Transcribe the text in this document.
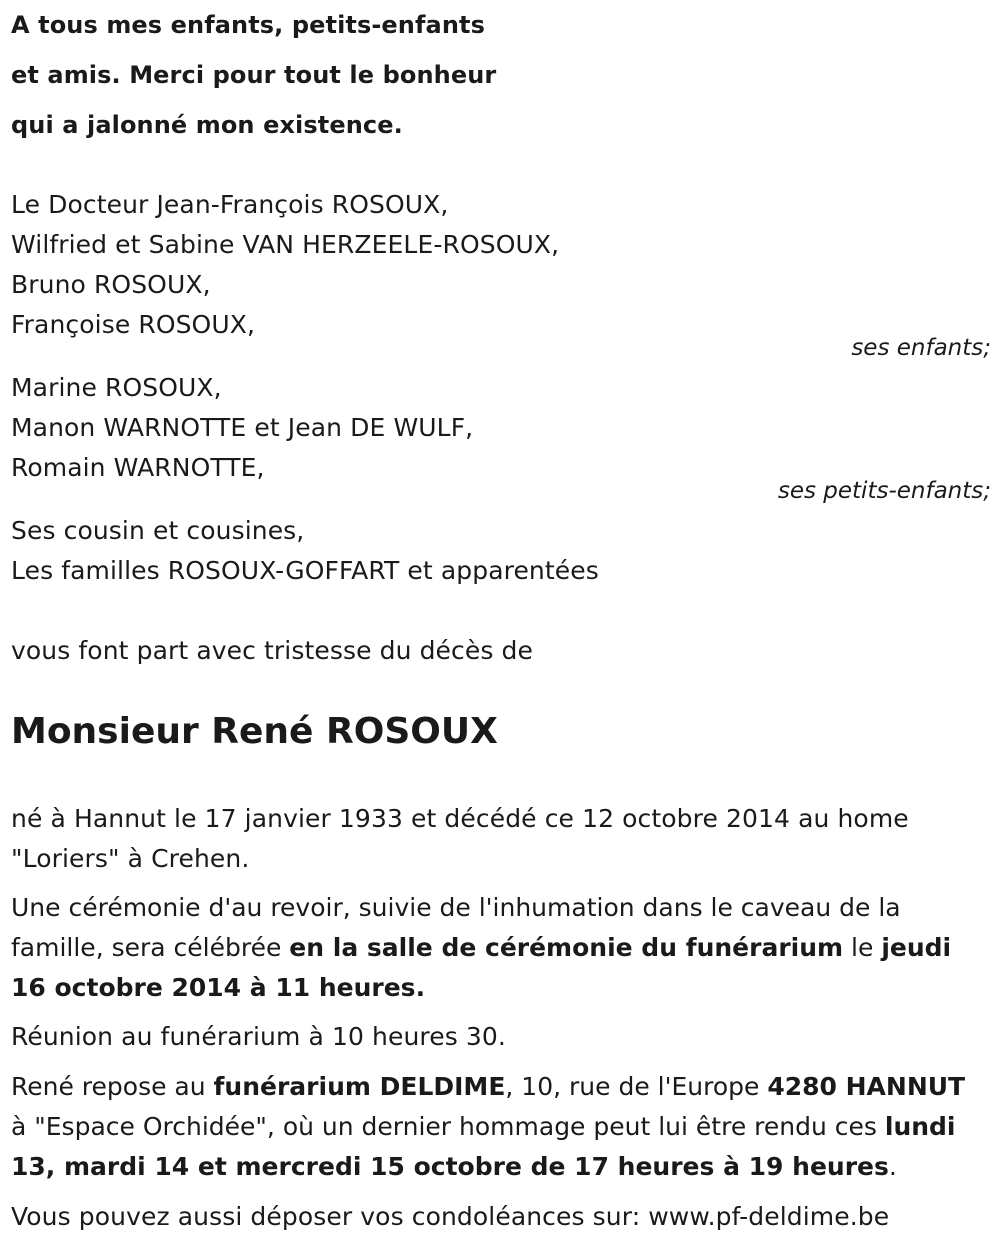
A tous mes enfants, petits-enfants
et amis. Merci pour tout le bonheur
qui a jalonné mon existence.
Le Docteur Jean-François ROSOUX,
Wilfried et Sabine VAN HERZEELE-ROSOUX,
Bruno ROSOUX,
Françoise ROSOUX,
ses enfants;
Marine ROSOUX,
Manon WARNOTTE et Jean DE WULF,
Romain WARNOTTE,
ses petits-enfants;
Ses cousin et cousines,
Les familles ROSOUX-GOFFART et apparentées
vous font part avec tristesse du décès de
Monsieur René ROSOUX
né à Hannut le 17 janvier 1933 et décédé ce 12 octobre 2014 au home
"Loriers" à Crehen.
Une cérémonie d'au revoir, suivie de l'inhumation dans le caveau de la famille, sera célébrée en la salle de cérémonie du funérarium le jeudi 16 octobre 2014 à 11 heures.
Réunion au funérarium à 10 heures 30.
René repose au funérarium DELDIME, 10, rue de l'Europe 4280 HANNUT à "Espace Orchidée", où un dernier hommage peut lui être rendu ces lundi 13, mardi 14 et mercredi 15 octobre de 17 heures à 19 heures.
Vous pouvez aussi déposer vos condoléances sur: www.pf-deldime.be
